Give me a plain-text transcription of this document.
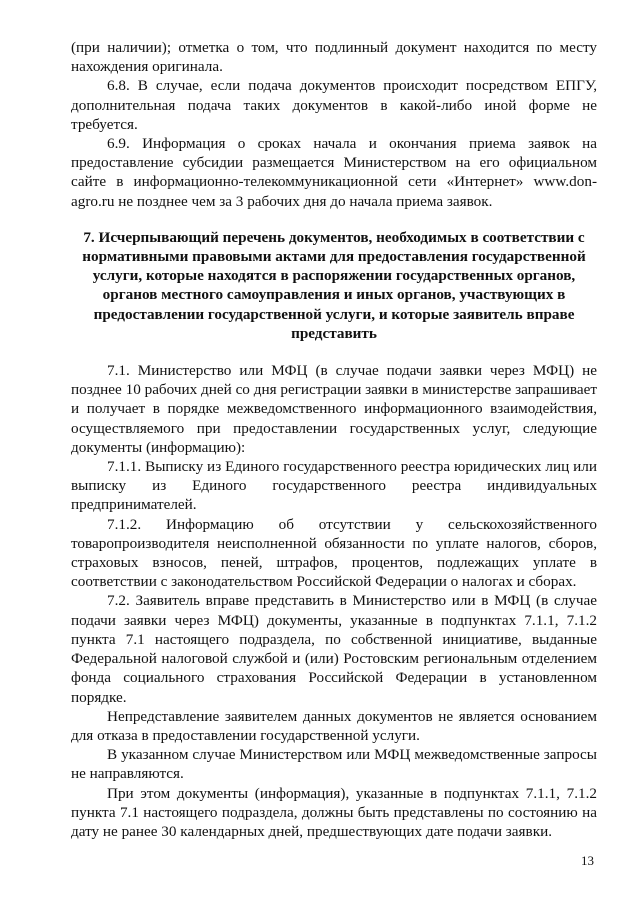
(при наличии); отметка о том, что подлинный документ находится по месту нахождения оригинала.

6.8. В случае, если подача документов происходит посредством ЕПГУ, дополнительная подача таких документов в какой-либо иной форме не требуется.

6.9. Информация о сроках начала и окончания приема заявок на предоставление субсидии размещается Министерством на его официальном сайте в информационно-телекоммуникационной сети «Интернет» www.don-agro.ru не позднее чем за 3 рабочих дня до начала приема заявок.

7. Исчерпывающий перечень документов, необходимых в соответствии с нормативными правовыми актами для предоставления государственной услуги, которые находятся в распоряжении государственных органов, органов местного самоуправления и иных органов, участвующих в предоставлении государственной услуги, и которые заявитель вправе представить

7.1. Министерство или МФЦ (в случае подачи заявки через МФЦ) не позднее 10 рабочих дней со дня регистрации заявки в министерстве запрашивает и получает в порядке межведомственного информационного взаимодействия, осуществляемого при предоставлении государственных услуг, следующие документы (информацию):

7.1.1. Выписку из Единого государственного реестра юридических лиц или выписку из Единого государственного реестра индивидуальных предпринимателей.

7.1.2. Информацию об отсутствии у сельскохозяйственного товаропроизводителя неисполненной обязанности по уплате налогов, сборов, страховых взносов, пеней, штрафов, процентов, подлежащих уплате в соответствии с законодательством Российской Федерации о налогах и сборах.

7.2. Заявитель вправе представить в Министерство или в МФЦ (в случае подачи заявки через МФЦ) документы, указанные в подпунктах 7.1.1, 7.1.2 пункта 7.1 настоящего подраздела, по собственной инициативе, выданные Федеральной налоговой службой и (или) Ростовским региональным отделением фонда социального страхования Российской Федерации в установленном порядке.

Непредставление заявителем данных документов не является основанием для отказа в предоставлении государственной услуги.

В указанном случае Министерством или МФЦ межведомственные запросы не направляются.

При этом документы (информация), указанные в подпунктах 7.1.1, 7.1.2 пункта 7.1 настоящего подраздела, должны быть представлены по состоянию на дату не ранее 30 календарных дней, предшествующих дате подачи заявки.

13
